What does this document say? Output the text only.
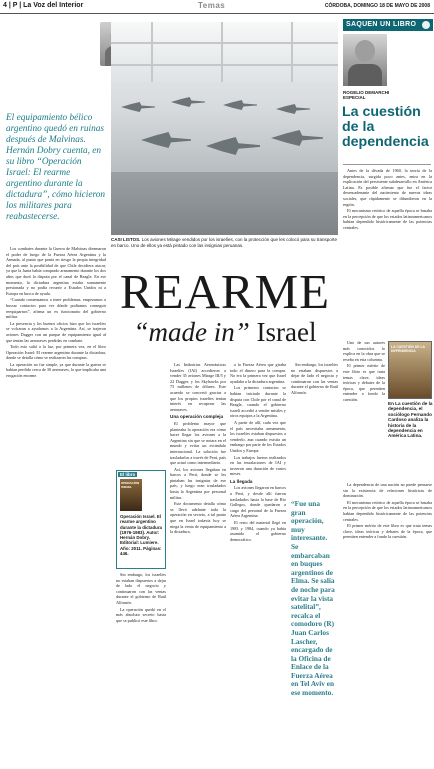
4 | P | La Voz del Interior	Temas	CÓRDOBA, DOMINGO 18 DE MAYO DE 2008
El equipamiento bélico argentino quedó en ruinas después de Malvinas. Hernán Dobry cuenta, en su libro “Operación Israel: El rearme argentino durante la dictadura”, cómo hicieron los militares para reabastecerse.
CASI LISTOS. Los aviones Mirage vendidos por los israelíes, con la protección que les colocó para su transporte en barco. Uno de ellos ya está pintado con las insignias peruanas.
REARME
“made in” Israel

Los combates durante la Guerra de Malvinas diezmaron el poder de fuego de la Fuerza Aérea Argentina y la Armada, al punto que ponía en riesgo la propia integridad del país ante la posibilidad de que Chile decidiera atacar, ya que la Junta había comprado armamento durante los dos años que duró la disputa por el canal de Beagle. En ese momento, la dictadura argentina estaba sumamente presionada y no podía recurrir a Estados Unidos ni a Europa en busca de ayuda.

“Cuando comenzamos a tener problemas, empezamos a buscar contactos para ver dónde podíamos conseguir reequiparnos”, afirma un ex funcionario del gobierno militar.

La presencia y los buenos oficios hizo que los israelíes se volcaran a ayudarnos a la Argentina. Así, se trajeron aviones Dagger con un parque de equipamiento igual al que tenían las aeronaves perdidas en combate.

Todo esto salió a la luz, por primera vez, en el libro Operación Israel: El rearme argentino durante la dictadura, donde se detalla cómo se realizaron las compras.

La operación no fue simple, ya que durante la guerra se habían perdido cerca de 30 aeronaves, lo que implicaba una erogación enorme.

El libro
OPERACIÓN ISRAEL
Operación Israel. El rearme argentino durante la dictadura (1976-1983). Autor: Hernán Dobry. Editorial: Lumiere. Año: 2011. Páginas: 446.

Las Industrias Aeronáuticas Israelíes (IAI) accedieron a vender 35 aviones Mirage III/5 y 22 Dagger, y los Skyhawks por 75 millones de dólares. Este acuerdo se concretó gracias a que los propios israelíes tenían interés en recuperar las aeronaves.

Una operación compleja

El problema mayor que planteaba la operación era cómo hacer llegar los aviones a la Argentina sin que se notara en el mundo y evitar un escándalo internacional. La solución fue trasladarlos a través de Perú, país que actuó como intermediario.

Así, los aviones llegaban en barcos a Perú, donde se les pintaban las insignias de ese país, y luego eran trasladados hasta la Argentina por personal militar.

Este documento detalla cómo se llevó adelante toda la operación en secreto, a tal punto que en Israel todavía hoy se niega la venta de equipamiento a la dictadura.

Sin embargo, los israelíes no estaban dispuestos a dejar de lado el negocio y continuaron con las ventas durante el gobierno de Raúl Alfonsín.

La operación quedó en el más absoluto secreto hasta que se publicó este libro.

a la Fuerza Aérea que giraba todo el dinero para la compra. No era la primera vez que Israel ayudaba a la dictadura argentina.

Los primeros contactos se habían iniciado durante la disputa con Chile por el canal de Beagle, cuando el gobierno israelí accedió a vender misiles y otros equipos a la Argentina.

A partir de allí, cada vez que el país necesitaba armamento, los israelíes estaban dispuestos a venderlo, aun cuando existía un embargo por parte de los Estados Unidos y Europa.

Los trabajos fueron realizados en las instalaciones de IAI y tuvieron una duración de varios meses.

La llegada

Los aviones llegaron en barcos a Perú, y desde allí fueron trasladados hasta la base de Río Gallegos, donde quedaron a cargo del personal de la Fuerza Aérea Argentina.

El resto del material llegó en 1983 y 1984, cuando ya había asumido el gobierno democrático.

Sin embargo, los israelíes no estaban dispuestos a dejar de lado el negocio y continuaron con las ventas durante el gobierno de Raúl Alfonsín.

“Fue una gran operación, muy interesante. Se embarcaban en buques argentinos de Elma. Se salía de noche para evitar la vista satelital”, recalca el comodoro (R) Juan Carlos Lascher, encargado de la Oficina de Enlace de la Fuerza Aérea en Tel Aviv en ese momento.
SAQUEN UN LIBRO
ROGELIO DEMARCHI
ESPECIAL
La cuestión de la dependencia

Antes de la década de 1960, la teoría de la dependencia, surgida poco antes, entra en la explicación del persistente subdesarrollo en América Latina. Es posible afirmar que fue el factor desencadenante del nacimiento de nuevas ideas sociales, que rápidamente se difundieron en la región.

El mecanismo retórico de aquella época se basaba en la percepción de que los estados latinoamericanos habían dependido históricamente de las potencias centrales.

Uno de sus autores más conocidos lo explica en la obra que se reseña en esta columna.

El primer mérito de este libro es que trata temas clave, ideas teóricas y debates de la época, que permiten entender a fondo la cuestión.

LA CUESTIÓN DE LA DEPENDENCIA
En La cuestión de la dependencia, el sociólogo Fernando Cardoso analiza la historia de la dependencia en América Latina.

La dependencia de una nación no puede pensarse sin la existencia de relaciones históricas de dominación.

El mecanismo retórico de aquella época se basaba en la percepción de que los estados latinoamericanos habían dependido históricamente de las potencias centrales.

El primer mérito de este libro es que trata temas clave, ideas teóricas y debates de la época, que permiten entender a fondo la cuestión.
